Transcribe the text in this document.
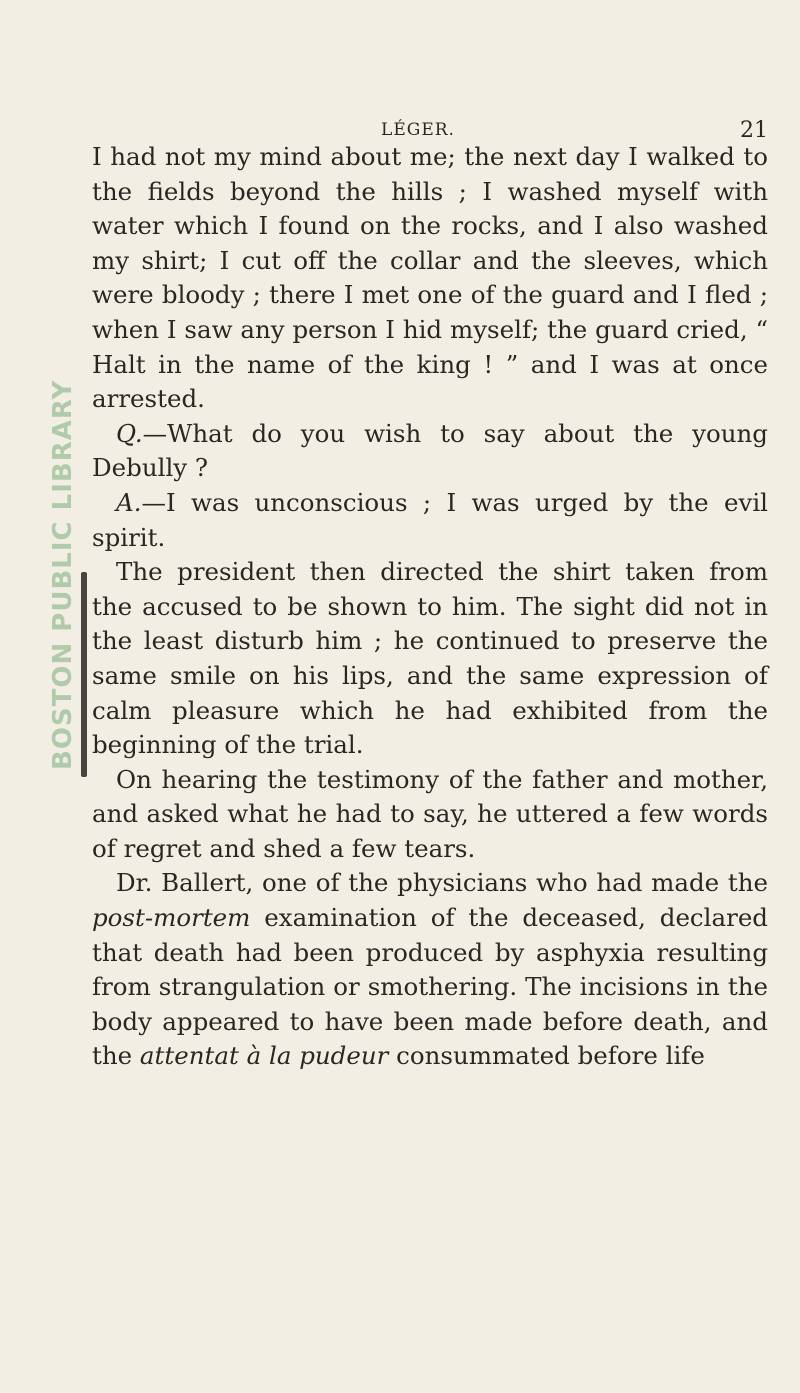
LÉGER.	21
BOSTON PUBLIC LIBRARY

I had not my mind about me; the next day I walked to the fields beyond the hills ; I washed myself with water which I found on the rocks, and I also washed my shirt; I cut off the collar and the sleeves, which were bloody ; there I met one of the guard and I fled ; when I saw any person I hid myself; the guard cried, “ Halt in the name of the king ! ” and I was at once arrested.

Q.—What do you wish to say about the young Debully ?

A.—I was unconscious ; I was urged by the evil spirit.

The president then directed the shirt taken from the accused to be shown to him. The sight did not in the least disturb him ; he continued to preserve the same smile on his lips, and the same expression of calm pleasure which he had exhibited from the beginning of the trial.

On hearing the testimony of the father and mother, and asked what he had to say, he uttered a few words of regret and shed a few tears.

Dr. Ballert, one of the physicians who had made the post-mortem examination of the deceased, declared that death had been produced by asphyxia resulting from strangulation or smothering. The incisions in the body appeared to have been made before death, and the attentat à la pudeur consummated before life
